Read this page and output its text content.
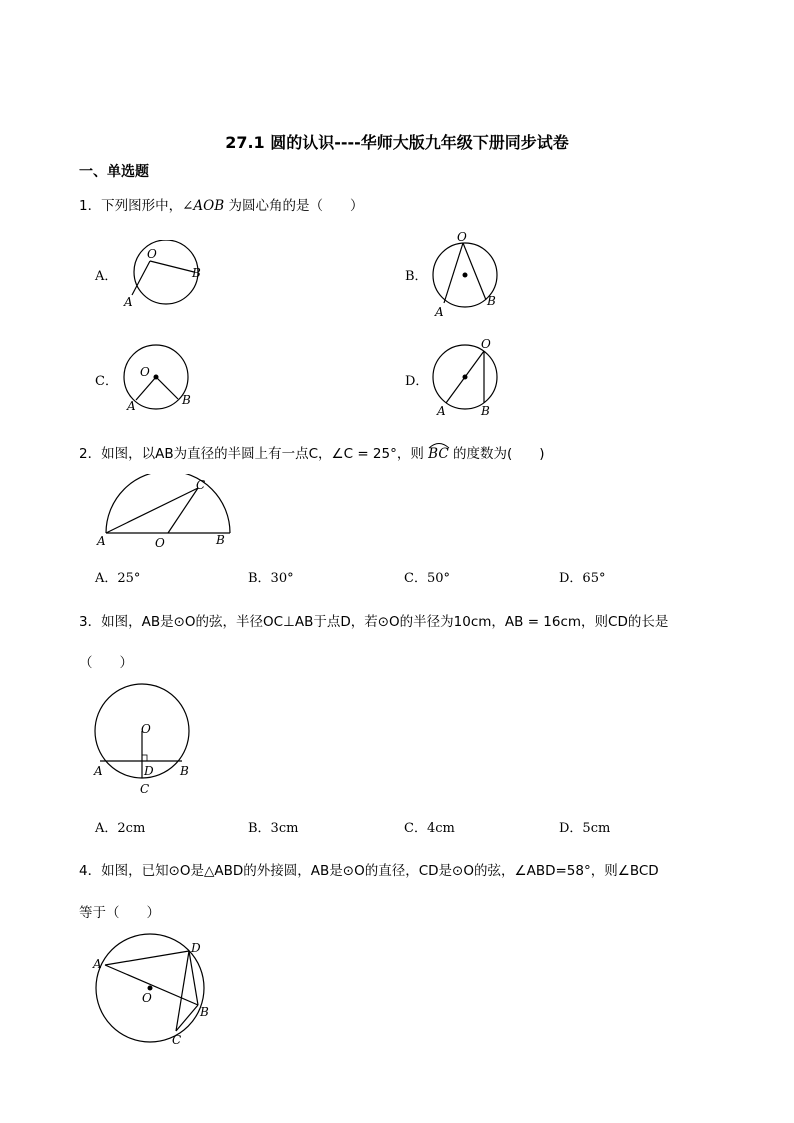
27.1 圆的认识----华师大版九年级下册同步试卷
一、单选题
1．下列图形中，∠AOB 为圆心角的是（　　）
A．
O
B
A
B．
O
B
A
C．
O
B
A
D．
O
B
A
2．如图，以AB为直径的半圆上有一点C，∠C = 25°，则
BC 的度数为(　　)
C
A	O	B
A．25°	B．30°	C．50°	D．65°
3．如图，AB是⊙O的弦，半径OC⊥AB于点D，若⊙O的半径为10cm，AB = 16cm，则CD的长是
（　　）
O
A	D B
C
A．2cm	B．3cm	C．4cm	D．5cm
4．如图，已知⊙O是△ABD的外接圆，AB是⊙O的直径，CD是⊙O的弦，∠ABD=58°，则∠BCD
等于（　　）
A
D
O
B
C
